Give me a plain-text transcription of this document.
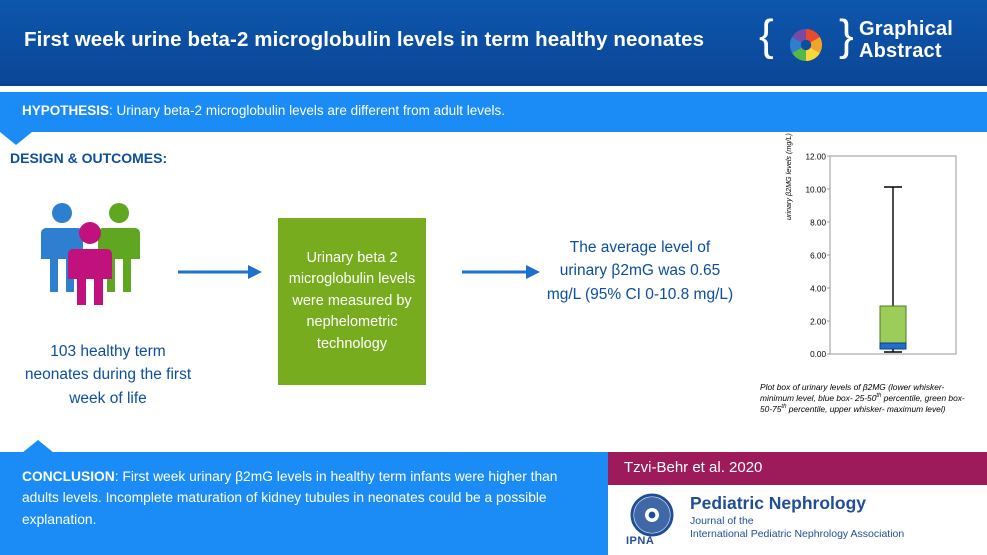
First week urine beta-2 microglobulin levels in term healthy neonates	{ } Graphical
Abstract
HYPOTHESIS: Urinary beta-2 microglobulin levels are different from adult levels.
DESIGN & OUTCOMES:
103 healthy term neonates during the first week of life
Urinary beta 2 microglobulin levels were measured by nephelometric technology
The average level of urinary β2mG was 0.65 mg/L (95% CI 0-10.8 mg/L)
urinary β2MG levels (mg/L) 12.00
10.00
8.00
6.00
4.00
2.00
0.00
Plot box of urinary levels of β2MG (lower whisker- minimum level, blue box- 25-50th percentile, green box- 50-75th percentile, upper whisker- maximum level)
CONCLUSION: First week urinary β2mG levels in healthy term infants were higher than adults levels. Incomplete maturation of kidney tubules in neonates could be a possible explanation.
Tzvi-Behr et al. 2020
IPNA
Pediatric Nephrology
Journal of the
International Pediatric Nephrology Association
